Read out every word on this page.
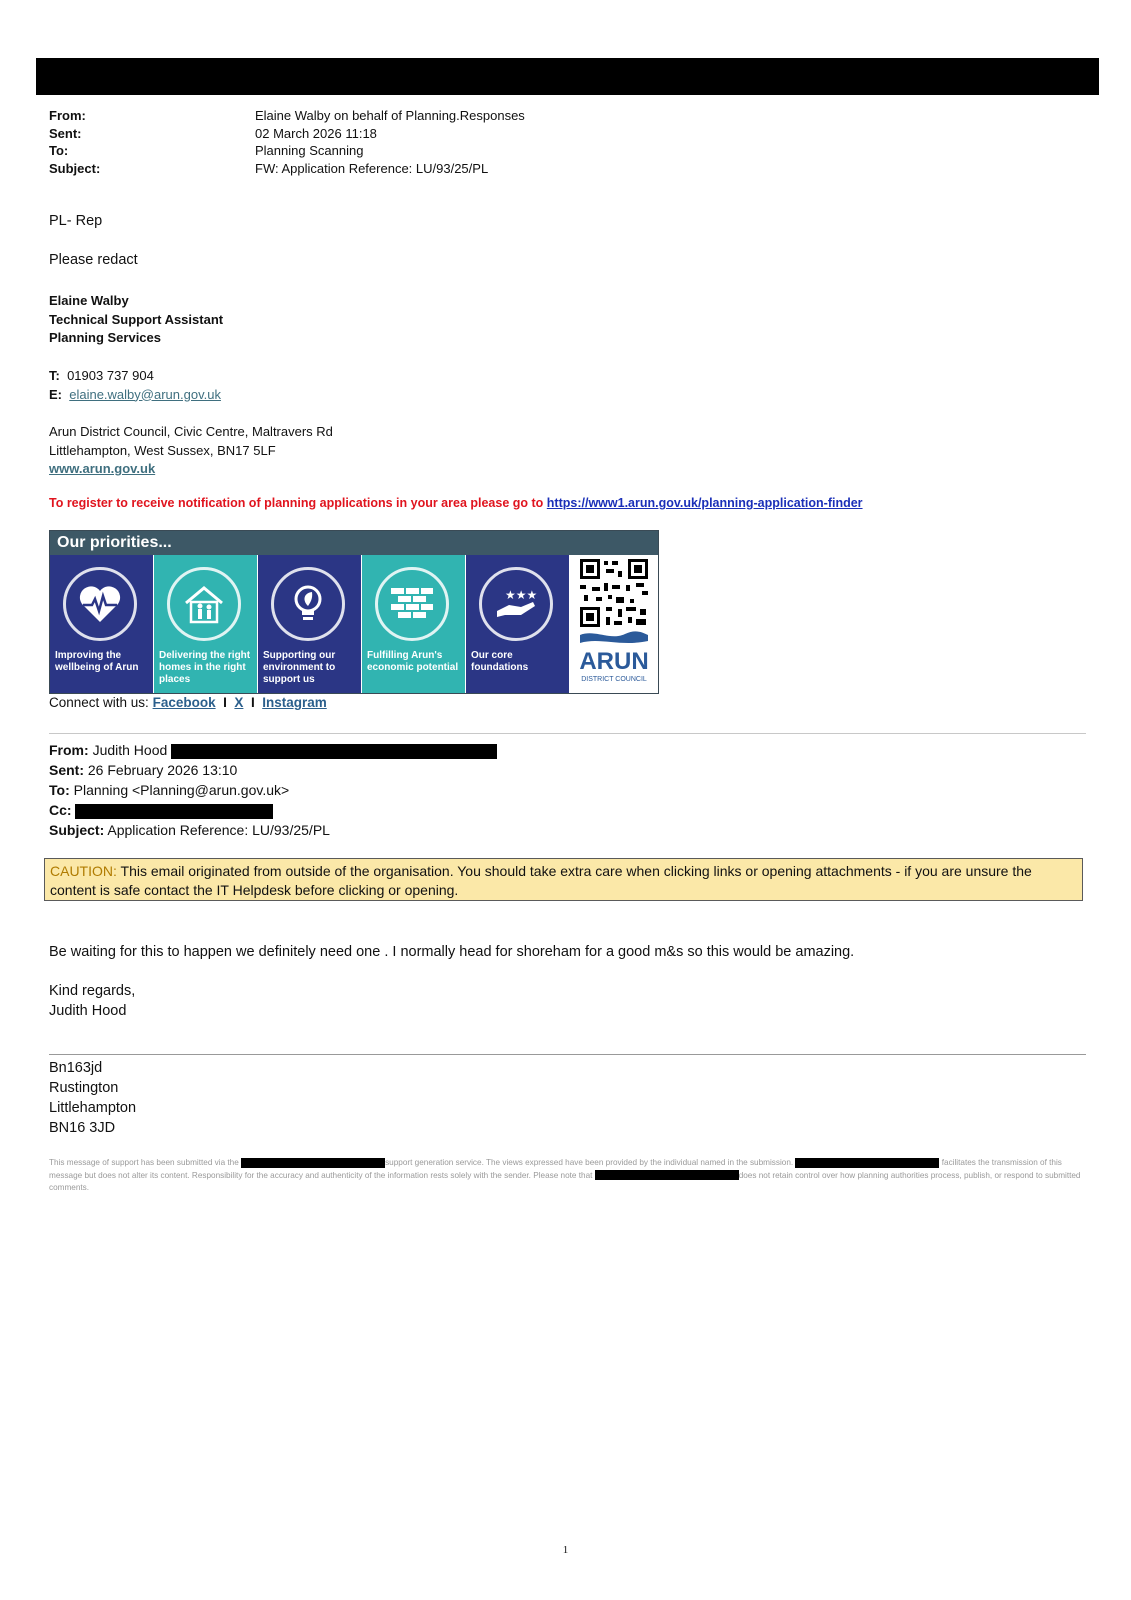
From:	Elaine Walby on behalf of Planning.Responses
Sent:	02 March 2026 11:18
To:	Planning Scanning
Subject:	FW: Application Reference: LU/93/25/PL
PL- Rep
Please redact
Elaine Walby
Technical Support Assistant
Planning Services
T: 01903 737 904
E: elaine.walby@arun.gov.uk
Arun District Council, Civic Centre, Maltravers Rd
Littlehampton, West Sussex, BN17 5LF
www.arun.gov.uk
To register to receive notification of planning applications in your area please go to https://www1.arun.gov.uk/planning-application-finder
Our priorities...
Improving the wellbeing of Arun
Delivering the right homes in the right places
Supporting our environment to support us
Fulfilling Arun's economic potential
★★★
Our core foundations	ARUN
DISTRICT COUNCIL
Connect with us: Facebook I X I Instagram
From: Judith Hood
Sent: 26 February 2026 13:10
To: Planning <Planning@arun.gov.uk>
Cc:
Subject: Application Reference: LU/93/25/PL
CAUTION: This email originated from outside of the organisation. You should take extra care when clicking links or opening attachments - if you are unsure the content is safe contact the IT Helpdesk before clicking or opening.
Be waiting for this to happen we definitely need one . I normally head for shoreham for a good m&s so this would be amazing.
Kind regards,
Judith Hood
Bn163jd
Rustington
Littlehampton
BN16 3JD
This message of support has been submitted via the	support generation service. The views expressed have been provided by the individual named in the submission.	facilitates the transmission of this message but does not alter its content. Responsibility for the accuracy and authenticity of the information rests solely with the sender. Please note that	does not retain control over how planning authorities process, publish, or respond to submitted comments.
1
